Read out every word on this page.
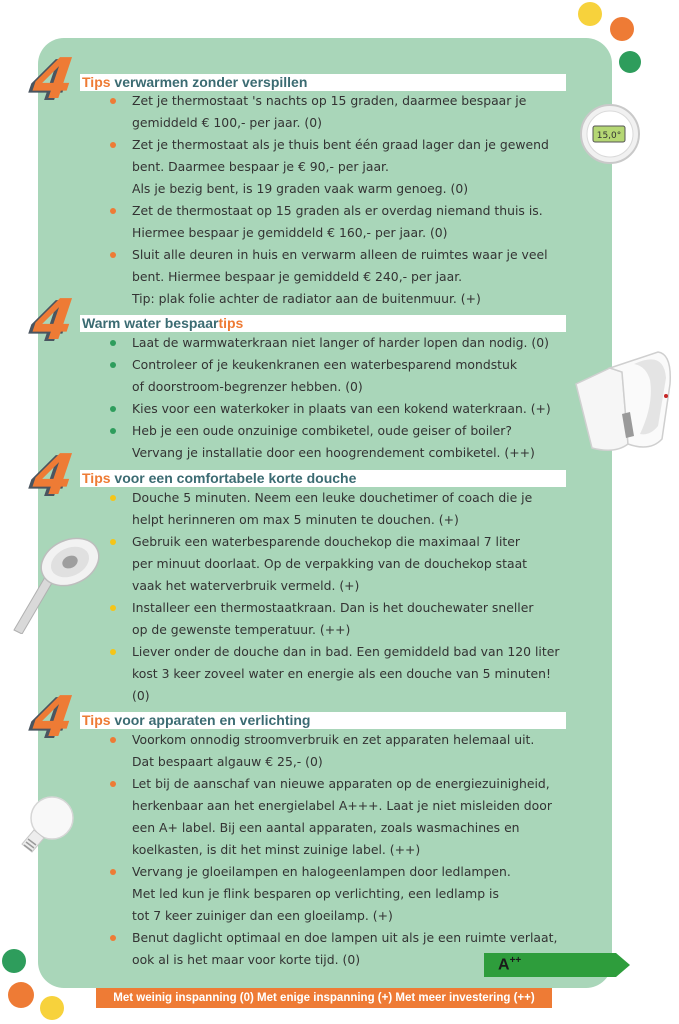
15,0°
4 Tips verwarmen zonder verspillen
Zet je thermostaat 's nachts op 15 graden, daarmee bespaar je
gemiddeld € 100,- per jaar. (0)
Zet je thermostaat als je thuis bent één graad lager dan je gewend
bent. Daarmee bespaar je € 90,- per jaar.
Als je bezig bent, is 19 graden vaak warm genoeg. (0)
Zet de thermostaat op 15 graden als er overdag niemand thuis is.
Hiermee bespaar je gemiddeld € 160,- per jaar. (0)
Sluit alle deuren in huis en verwarm alleen de ruimtes waar je veel
bent. Hiermee bespaar je gemiddeld € 240,- per jaar.
Tip: plak folie achter de radiator aan de buitenmuur. (+)
4 Warm water bespaartips
Laat de warmwaterkraan niet langer of harder lopen dan nodig. (0)
Controleer of je keukenkranen een waterbesparend mondstuk
of doorstroom-begrenzer hebben. (0)
Kies voor een waterkoker in plaats van een kokend waterkraan. (+)
Heb je een oude onzuinige combiketel, oude geiser of boiler?
Vervang je installatie door een hoogrendement combiketel. (++)
4 Tips voor een comfortabele korte douche
Douche 5 minuten. Neem een leuke douchetimer of coach die je
helpt herinneren om max 5 minuten te douchen. (+)
Gebruik een waterbesparende douchekop die maximaal 7 liter
per minuut doorlaat. Op de verpakking van de douchekop staat
vaak het waterverbruik vermeld. (+)
Installeer een thermostaatkraan. Dan is het douchewater sneller
op de gewenste temperatuur. (++)
Liever onder de douche dan in bad. Een gemiddeld bad van 120 liter
kost 3 keer zoveel water en energie als een douche van 5 minuten!
(0)
4 Tips voor apparaten en verlichting
Voorkom onnodig stroomverbruik en zet apparaten helemaal uit.
Dat bespaart algauw € 25,- (0)
Let bij de aanschaf van nieuwe apparaten op de energiezuinigheid,
herkenbaar aan het energielabel A+++. Laat je niet misleiden door
een A+ label. Bij een aantal apparaten, zoals wasmachines en
koelkasten, is dit het minst zuinige label. (++)
Vervang je gloeilampen en halogeenlampen door ledlampen.
Met led kun je flink besparen op verlichting, een ledlamp is
tot 7 keer zuiniger dan een gloeilamp. (+)
Benut daglicht optimaal en doe lampen uit als je een ruimte verlaat,
ook al is het maar voor korte tijd. (0)	A++
Met weinig inspanning (0) Met enige inspanning (+) Met meer investering (++)
